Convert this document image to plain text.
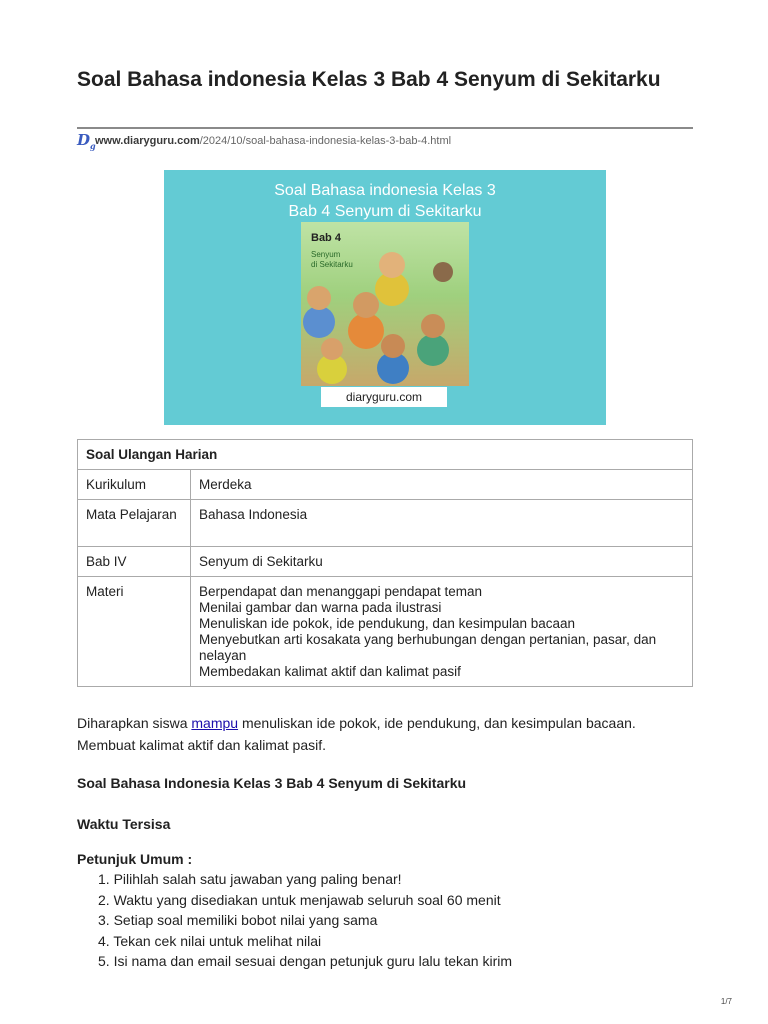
Soal Bahasa indonesia Kelas 3 Bab 4 Senyum di Sekitarku
$D_g$ www.diaryguru.com /2024/10/soal-bahasa-indonesia-kelas-3-bab-4.html
Soal Bahasa indonesia Kelas 3
Bab 4 Senyum di Sekitarku
Bab 4
Senyum
di Sekitarku
diaryguru.com
Soal Ulangan Harian	
Kurikulum	Merdeka

Mata Pelajaran	Bahasa Indonesia
Bab IV	Senyum di Sekitarku
Materi	Berpendapat dan menanggapi pendapat teman
Menilai gambar dan warna pada ilustrasi
Menuliskan ide pokok, ide pendukung, dan kesimpulan bacaan
Menyebutkan arti kosakata yang berhubungan dengan pertanian, pasar, dan nelayan
Membedakan kalimat aktif dan kalimat pasif
Diharapkan siswa mampu menuliskan ide pokok, ide pendukung, dan kesimpulan bacaan. Membuat kalimat aktif dan kalimat pasif.
Soal Bahasa Indonesia Kelas 3 Bab 4 Senyum di Sekitarku
Waktu Tersisa
Petunjuk Umum :
1. Pilihlah salah satu jawaban yang paling benar!
2. Waktu yang disediakan untuk menjawab seluruh soal 60 menit
3. Setiap soal memiliki bobot nilai yang sama
4. Tekan cek nilai untuk melihat nilai
5. Isi nama dan email sesuai dengan petunjuk guru lalu tekan kirim
1/7
